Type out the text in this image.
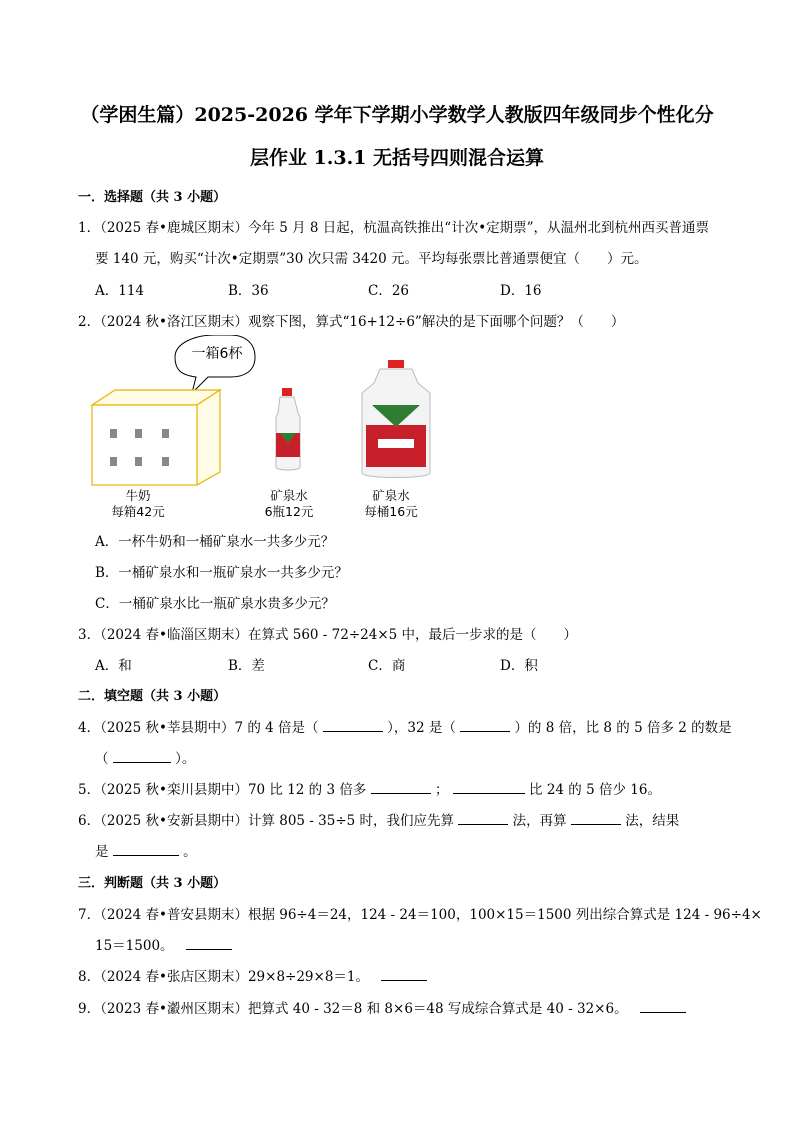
（学困生篇）2025-2026 学年下学期小学数学人教版四年级同步个性化分
层作业 1.3.1 无括号四则混合运算
一．选择题（共 3 小题）
1．（2025 春•鹿城区期末）今年 5 月 8 日起，杭温高铁推出“计次•定期票”，从温州北到杭州西买普通票
要 140 元，购买“计次•定期票”30 次只需 3420 元。平均每张票比普通票便宜（　　）元。
A．114	B．36	C．26	D．16
2．（2024 秋•洛江区期末）观察下图，算式“16+12÷6”解决的是下面哪个问题？（　　）
一箱6杯
牛奶
每箱42元
矿泉水
6瓶12元
矿泉水
每桶16元
A．一杯牛奶和一桶矿泉水一共多少元？
B．一桶矿泉水和一瓶矿泉水一共多少元？
C．一桶矿泉水比一瓶矿泉水贵多少元？
3．（2024 春•临淄区期末）在算式 560 - 72÷24×5 中，最后一步求的是（　　）
A．和	B．差	C．商	D．积
二．填空题（共 3 小题）
4．（2025 秋•莘县期中）7 的 4 倍是（	），32 是（	）的 8 倍，比 8 的 5 倍多 2 的数是
（	）。
5．（2025 秋•栾川县期中）70 比 12 的 3 倍多	；	比 24 的 5 倍少 16。
6．（2025 秋•安新县期中）计算 805 - 35÷5 时，我们应先算	法，再算	法，结果
是	。
三．判断题（共 3 小题）
7．（2024 春•普安县期末）根据 96÷4＝24，124 - 24＝100，100×15＝1500 列出综合算式是 124 - 96÷4×
15＝1500。
8．（2024 春•张店区期末）29×8÷29×8＝1。
9．（2023 春•瀫州区期末）把算式 40 - 32＝8 和 8×6＝48 写成综合算式是 40 - 32×6。
